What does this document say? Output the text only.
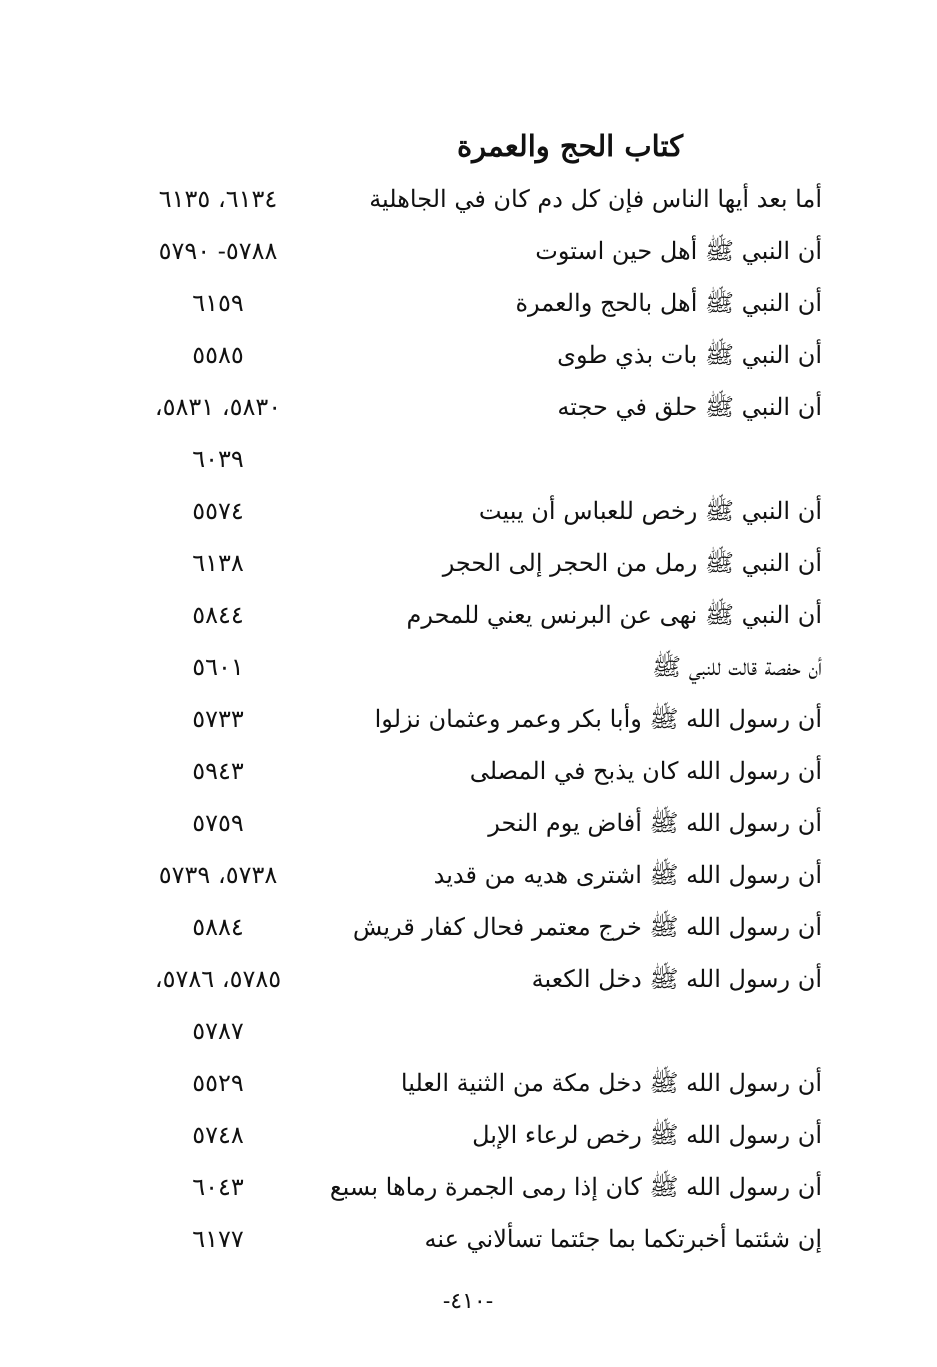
كتاب الحج والعمرة
أما بعد أيها الناس فإن كل دم كان في الجاهلية
٦١٣٤، ٦١٣٥
أن النبي ﷺ أهل حين استوت
٥٧٨٨- ٥٧٩٠
أن النبي ﷺ أهل بالحج والعمرة
٦١٥٩
أن النبي ﷺ بات بذي طوى
٥٥٨٥
أن النبي ﷺ حلق في حجته
٥٨٣٠، ٥٨٣١،
٦٠٣٩
أن النبي ﷺ رخص للعباس أن يبيت
٥٥٧٤
أن النبي ﷺ رمل من الحجر إلى الحجر
٦١٣٨
أن النبي ﷺ نهى عن البرنس يعني للمحرم
٥٨٤٤
أن حفصة قالت للنبي ﷺ
٥٦٠١
أن رسول الله ﷺ وأبا بكر وعمر وعثمان نزلوا
٥٧٣٣
أن رسول الله كان يذبح في المصلى
٥٩٤٣
أن رسول الله ﷺ أفاض يوم النحر
٥٧٥٩
أن رسول الله ﷺ اشترى هديه من قديد
٥٧٣٨، ٥٧٣٩
أن رسول الله ﷺ خرج معتمر فحال كفار قريش
٥٨٨٤
أن رسول الله ﷺ دخل الكعبة
٥٧٨٥، ٥٧٨٦،
٥٧٨٧
أن رسول الله ﷺ دخل مكة من الثنية العليا
٥٥٢٩
أن رسول الله ﷺ رخص لرعاء الإبل
٥٧٤٨
أن رسول الله ﷺ كان إذا رمى الجمرة رماها بسبع
٦٠٤٣
إن شئتما أخبرتكما بما جئتما تسألاني عنه
٦١٧٧
-٤١٠-
